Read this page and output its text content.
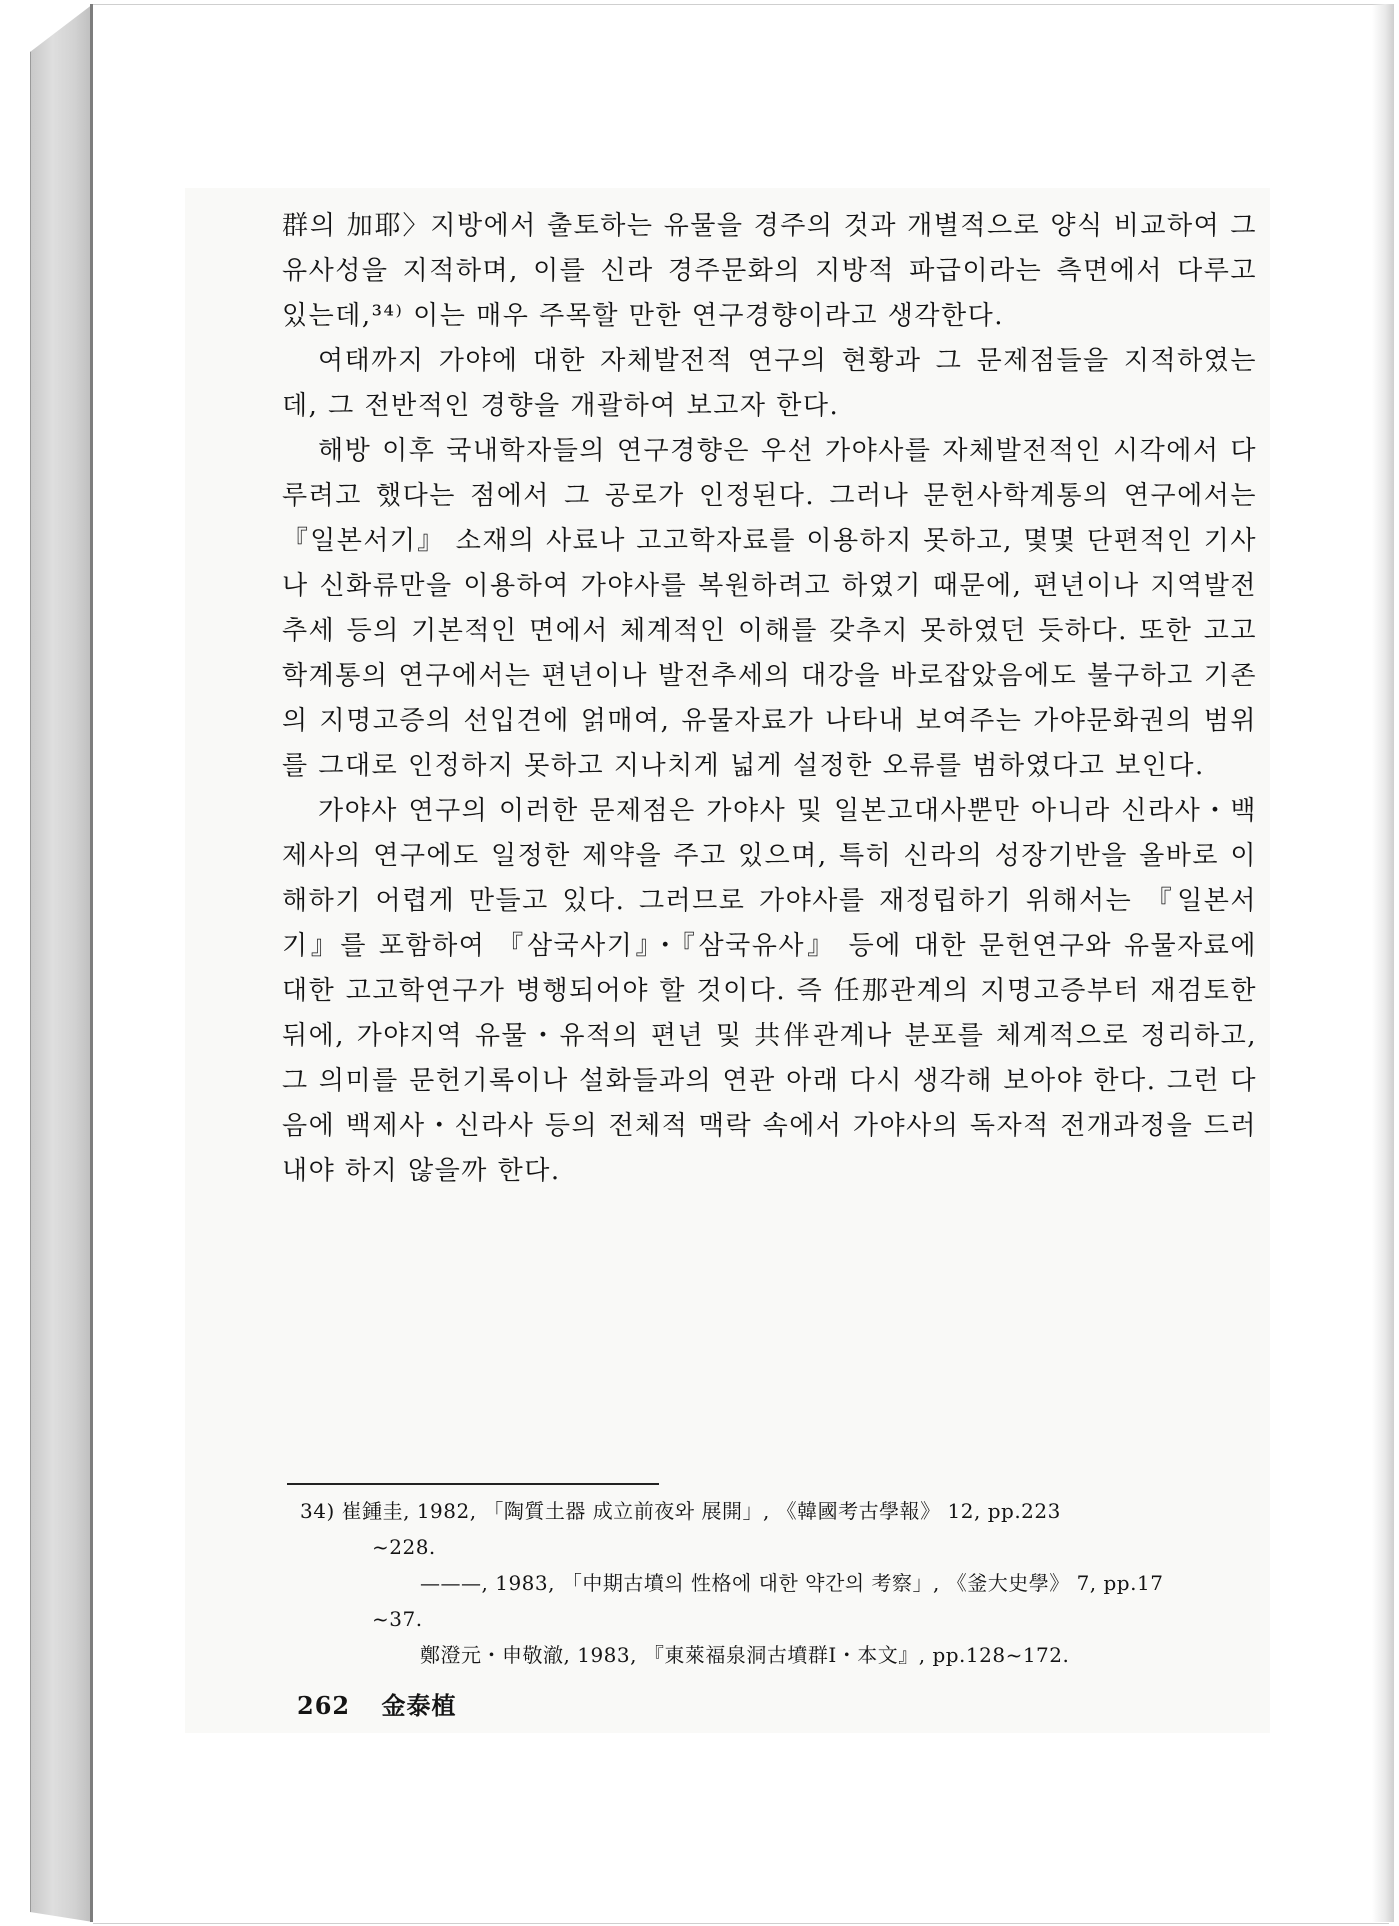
群의 加耶〉지방에서 출토하는 유물을 경주의 것과 개별적으로 양식 비교하여 그 유사성을 지적하며, 이를 신라 경주문화의 지방적 파급이라는 측면에서 다루고 있는데,³⁴⁾ 이는 매우 주목할 만한 연구경향이라고 생각한다.

여태까지 가야에 대한 자체발전적 연구의 현황과 그 문제점들을 지적하였는데, 그 전반적인 경향을 개괄하여 보고자 한다.

해방 이후 국내학자들의 연구경향은 우선 가야사를 자체발전적인 시각에서 다루려고 했다는 점에서 그 공로가 인정된다. 그러나 문헌사학계통의 연구에서는 『일본서기』 소재의 사료나 고고학자료를 이용하지 못하고, 몇몇 단편적인 기사나 신화류만을 이용하여 가야사를 복원하려고 하였기 때문에, 편년이나 지역발전추세 등의 기본적인 면에서 체계적인 이해를 갖추지 못하였던 듯하다. 또한 고고학계통의 연구에서는 편년이나 발전추세의 대강을 바로잡았음에도 불구하고 기존의 지명고증의 선입견에 얽매여, 유물자료가 나타내 보여주는 가야문화권의 범위를 그대로 인정하지 못하고 지나치게 넓게 설정한 오류를 범하였다고 보인다.

가야사 연구의 이러한 문제점은 가야사 및 일본고대사뿐만 아니라 신라사・백제사의 연구에도 일정한 제약을 주고 있으며, 특히 신라의 성장기반을 올바로 이해하기 어렵게 만들고 있다. 그러므로 가야사를 재정립하기 위해서는 『일본서기』를 포함하여 『삼국사기』・『삼국유사』 등에 대한 문헌연구와 유물자료에 대한 고고학연구가 병행되어야 할 것이다. 즉 任那관계의 지명고증부터 재검토한 뒤에, 가야지역 유물・유적의 편년 및 共伴관계나 분포를 체계적으로 정리하고, 그 의미를 문헌기록이나 설화들과의 연관 아래 다시 생각해 보아야 한다. 그런 다음에 백제사・신라사 등의 전체적 맥락 속에서 가야사의 독자적 전개과정을 드러내야 하지 않을까 한다.

34) 崔鍾圭, 1982, 「陶質土器 成立前夜와 展開」, 《韓國考古學報》 12, pp.223

~228.

———, 1983, 「中期古墳의 性格에 대한 약간의 考察」, 《釜大史學》 7, pp.17

~37.

鄭澄元・申敬澈, 1983, 『東萊福泉洞古墳群Ⅰ・本文』, pp.128~172.

262 金泰植
